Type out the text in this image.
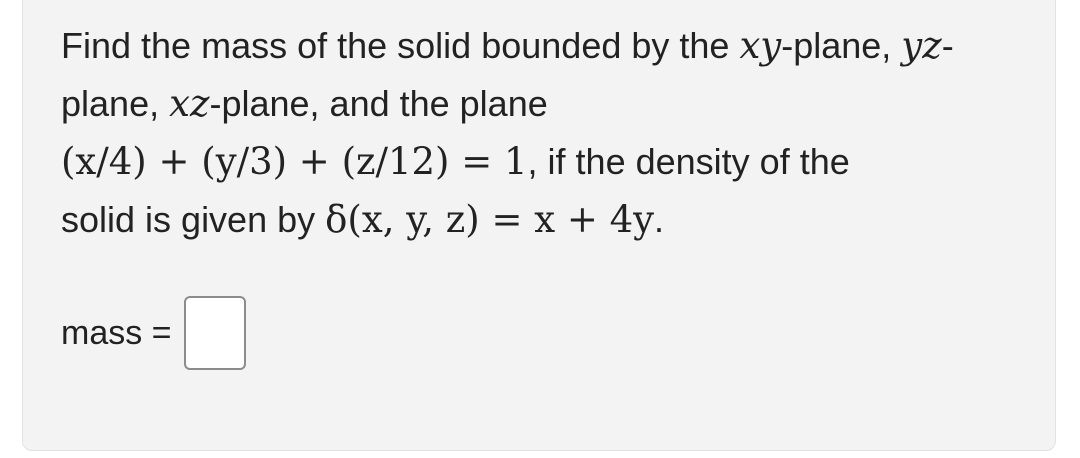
Find the mass of the solid bounded by the xy-plane, yz-
plane, xz-plane, and the plane
(x/4) + (y/3) + (z/12) = 1, if the density of the
solid is given by δ(x, y, z) = x + 4y.
mass =
